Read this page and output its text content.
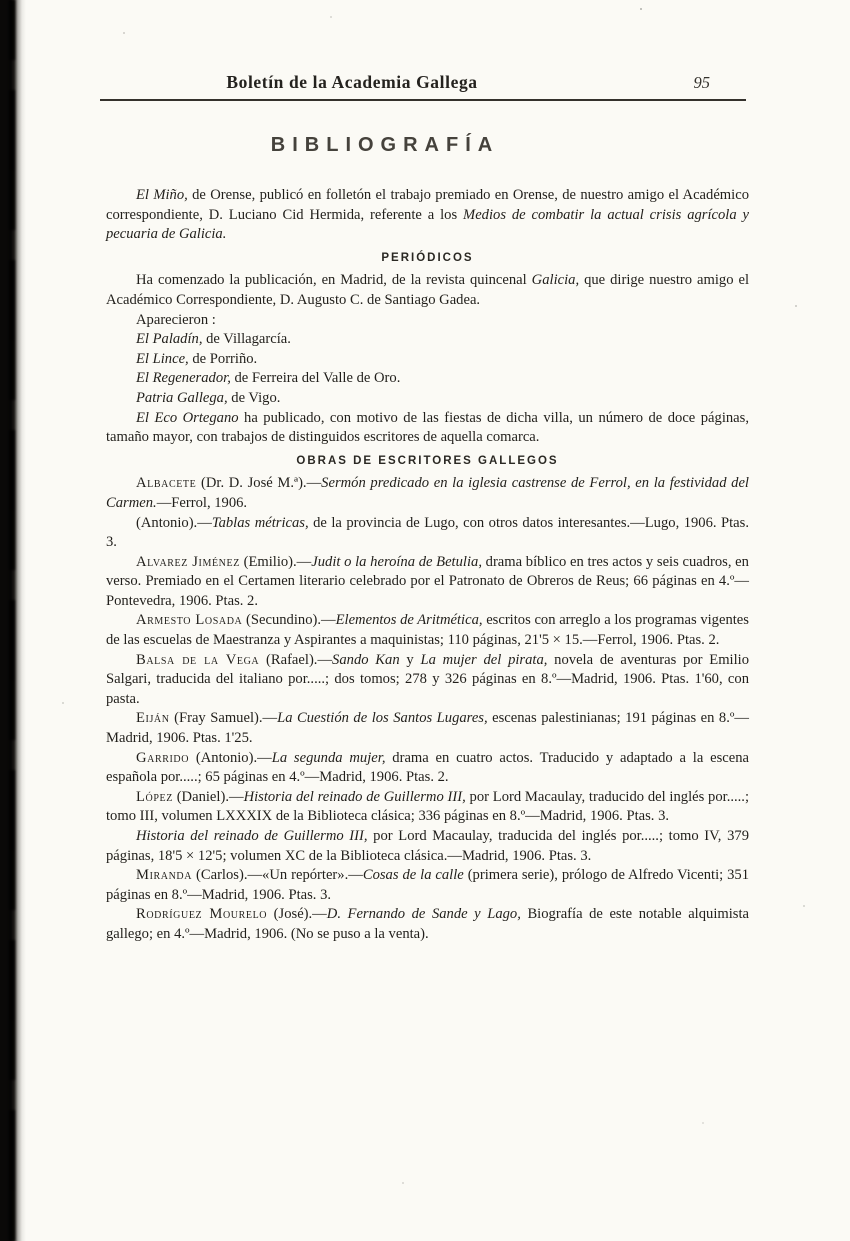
Boletín de la Academia Gallega	95
BIBLIOGRAFÍA

El Miño, de Orense, publicó en folletón el trabajo premiado en Orense, de nuestro amigo el Académico correspondiente, D. Luciano Cid Hermida, referente a los Medios de combatir la actual crisis agrícola y pecuaria de Galicia.

PERIÓDICOS

Ha comenzado la publicación, en Madrid, de la revista quincenal Galicia, que dirige nuestro amigo el Académico Correspondiente, D. Augusto C. de Santiago Gadea.

Aparecieron :

El Paladín, de Villagarcía.

El Lince, de Porriño.

El Regenerador, de Ferreira del Valle de Oro.

Patria Gallega, de Vigo.

El Eco Ortegano ha publicado, con motivo de las fiestas de dicha villa, un número de doce páginas, tamaño mayor, con trabajos de distinguidos escritores de aquella comarca.

OBRAS DE ESCRITORES GALLEGOS

Albacete (Dr. D. José M.ª).—Sermón predicado en la iglesia castrense de Ferrol, en la festividad del Carmen.—Ferrol, 1906.

(Antonio).—Tablas métricas, de la provincia de Lugo, con otros datos interesantes.—Lugo, 1906. Ptas. 3.

Alvarez Jiménez (Emilio).—Judit o la heroína de Betulia, drama bíblico en tres actos y seis cuadros, en verso. Premiado en el Certamen literario celebrado por el Patronato de Obreros de Reus; 66 páginas en 4.º—Pontevedra, 1906. Ptas. 2.

Armesto Losada (Secundino).—Elementos de Aritmética, escritos con arreglo a los programas vigentes de las escuelas de Maestranza y Aspirantes a maquinistas; 110 páginas, 21'5 × 15.—Ferrol, 1906. Ptas. 2.

Balsa de la Vega (Rafael).—Sando Kan y La mujer del pirata, novela de aventuras por Emilio Salgari, traducida del italiano por.....; dos tomos; 278 y 326 páginas en 8.º—Madrid, 1906. Ptas. 1'60, con pasta.

Eiján (Fray Samuel).—La Cuestión de los Santos Lugares, escenas palestinianas; 191 páginas en 8.º—Madrid, 1906. Ptas. 1'25.

Garrido (Antonio).—La segunda mujer, drama en cuatro actos. Traducido y adaptado a la escena española por.....; 65 páginas en 4.º—Madrid, 1906. Ptas. 2.

López (Daniel).—Historia del reinado de Guillermo III, por Lord Macaulay, traducido del inglés por.....; tomo III, volumen LXXXIX de la Biblioteca clásica; 336 páginas en 8.º—Madrid, 1906. Ptas. 3.

Historia del reinado de Guillermo III, por Lord Macaulay, traducida del inglés por.....; tomo IV, 379 páginas, 18'5 × 12'5; volumen XC de la Biblioteca clásica.—Madrid, 1906. Ptas. 3.

Miranda (Carlos).—«Un repórter».—Cosas de la calle (primera serie), prólogo de Alfredo Vicenti; 351 páginas en 8.º—Madrid, 1906. Ptas. 3.

Rodríguez Mourelo (José).—D. Fernando de Sande y Lago, Biografía de este notable alquimista gallego; en 4.º—Madrid, 1906. (No se puso a la venta).
